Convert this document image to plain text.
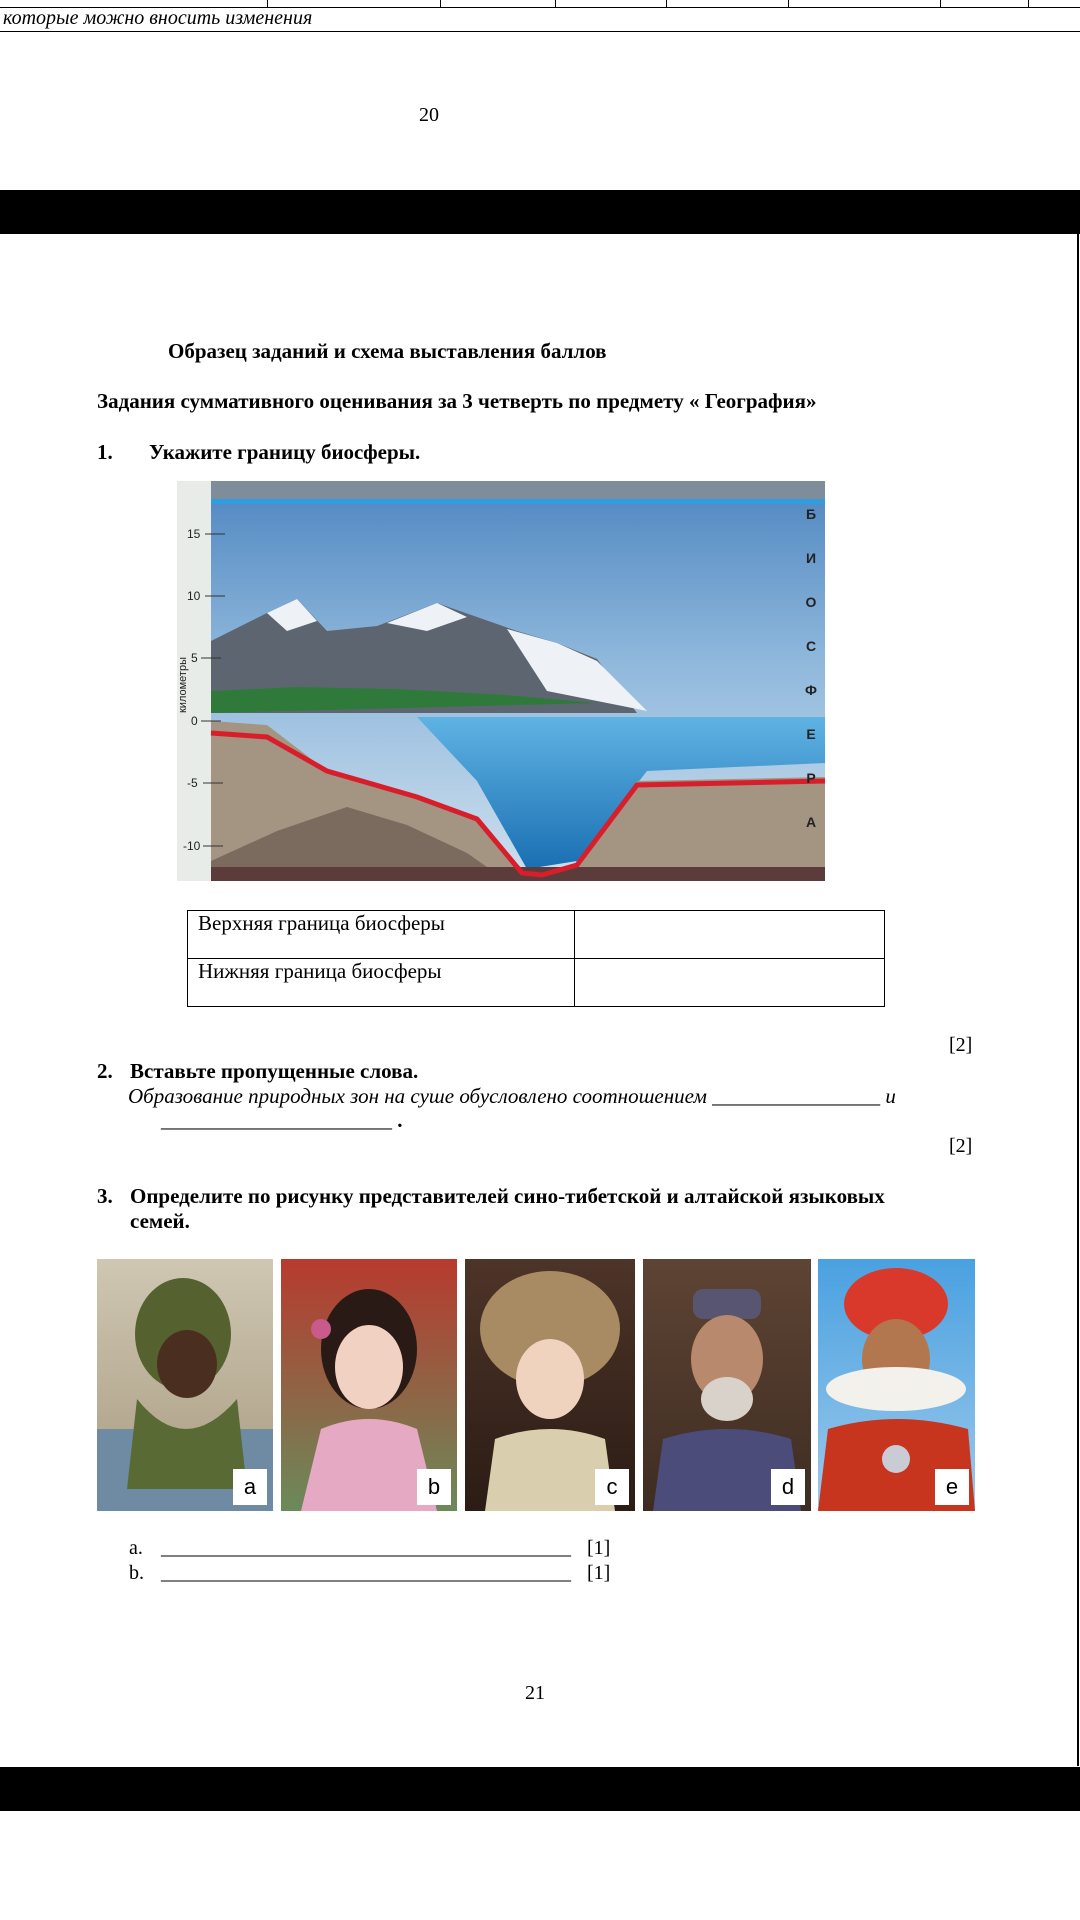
которые можно вносить изменения
20
Образец заданий и схема выставления баллов
Задания суммативного оценивания за 3 четверть по предмету « География»
1. Укажите границу биосферы.
15
10
5
0
-5
-10
километры
Б
И
О
С
Ф
Е
Р
А
Верхняя граница биосферы	
Нижняя граница биосферы	
[2]
2. Вставьте пропущенные слова.
Образование природных зон на суше обусловлено соотношением ________________ и
______________________ .
[2]
3. Определите по рисунку представителей сино-тибетской и алтайской языковых
семей.
a	b	c	d	e
a. _________________________________________ [1]
b. _________________________________________ [1]
21
